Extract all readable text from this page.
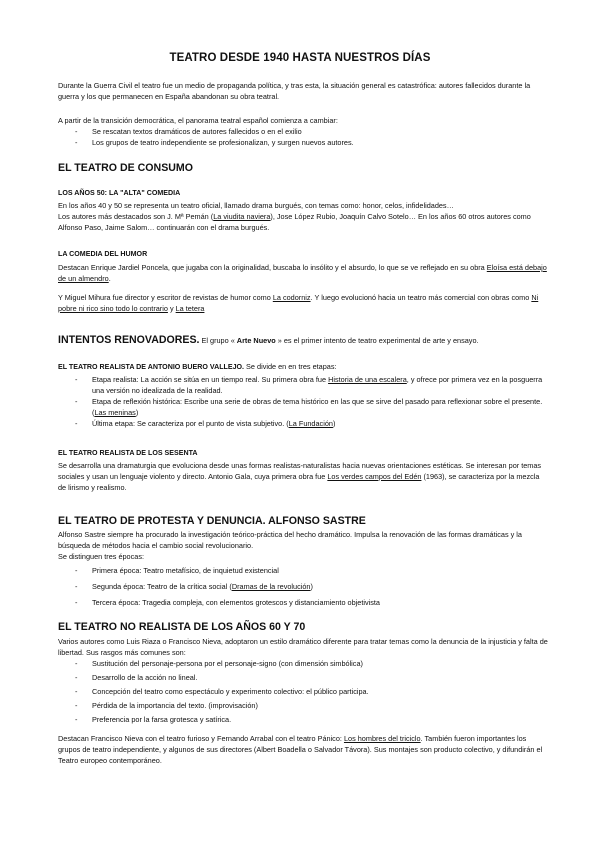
TEATRO DESDE 1940 HASTA NUESTROS DÍAS

Durante la Guerra Civil el teatro fue un medio de propaganda política, y tras esta, la situación general es catastrófica: autores fallecidos durante la guerra y los que permanecen en España abandonan su obra teatral.

A partir de la transición democrática, el panorama teatral español comienza a cambiar:

- Se rescatan textos dramáticos de autores fallecidos o en el exilio
- Los grupos de teatro independiente se profesionalizan, y surgen nuevos autores.
EL TEATRO DE CONSUMO
LOS AÑOS 50: LA "ALTA" COMEDIA

En los años 40 y 50 se representa un teatro oficial, llamado drama burgués, con temas como: honor, celos, infidelidades…

Los autores más destacados son J. Mª Pemán (La viudita naviera), Jose López Rubio, Joaquín Calvo Sotelo… En los años 60 otros autores como Alfonso Paso, Jaime Salom… continuarán con el drama burgués.

LA COMEDIA DEL HUMOR

Destacan Enrique Jardiel Poncela, que jugaba con la originalidad, buscaba lo insólito y el absurdo, lo que se ve reflejado en su obra Eloísa está debajo de un almendro.

Y Miguel Mihura fue director y escritor de revistas de humor como La codorniz. Y luego evolucionó hacia un teatro más comercial con obras como Ni pobre ni rico sino todo lo contrario y La tetera

INTENTOS RENOVADORES. El grupo « Arte Nuevo » es el primer intento de teatro experimental de arte y ensayo.
EL TEATRO REALISTA DE ANTONIO BUERO VALLEJO. Se divide en en tres etapas:
- Etapa realista: La acción se sitúa en un tiempo real. Su primera obra fue Historia de una escalera, y ofrece por primera vez en la posguerra una versión no idealizada de la realidad.
- Etapa de reflexión histórica: Escribe una serie de obras de tema histórico en las que se sirve del pasado para reflexionar sobre el presente. (Las meninas)
- Última etapa: Se caracteriza por el punto de vista subjetivo. (La Fundación)
EL TEATRO REALISTA DE LOS SESENTA

Se desarrolla una dramaturgia que evoluciona desde unas formas realistas-naturalistas hacia nuevas orientaciones estéticas. Se interesan por temas sociales y usan un lenguaje violento y directo. Antonio Gala, cuya primera obra fue Los verdes campos del Edén (1963), se caracteriza por la mezcla de lirismo y realismo.

EL TEATRO DE PROTESTA Y DENUNCIA. ALFONSO SASTRE

Alfonso Sastre siempre ha procurado la investigación teórico-práctica del hecho dramático. Impulsa la renovación de las formas dramáticas y la búsqueda de métodos hacia el cambio social revolucionario.

Se distinguen tres épocas:

- Primera época: Teatro metafísico, de inquietud existencial
- Segunda época: Teatro de la crítica social (Dramas de la revolución)
- Tercera época: Tragedia compleja, con elementos grotescos y distanciamiento objetivista
EL TEATRO NO REALISTA DE LOS AÑOS 60 Y 70

Varios autores como Luis Riaza o Francisco Nieva, adoptaron un estilo dramático diferente para tratar temas como la denuncia de la injusticia y falta de libertad. Sus rasgos más comunes son:

- Sustitución del personaje-persona por el personaje-signo (con dimensión simbólica)
- Desarrollo de la acción no lineal.
- Concepción del teatro como espectáculo y experimento colectivo: el público participa.
- Pérdida de la importancia del texto. (improvisación)
- Preferencia por la farsa grotesca y satírica.

Destacan Francisco Nieva con el teatro furioso y Fernando Arrabal con el teatro Pánico: Los hombres del triciclo. También fueron importantes los grupos de teatro independiente, y algunos de sus directores (Albert Boadella o Salvador Távora). Sus montajes son producto colectivo, y difundirán el Teatro europeo contemporáneo.
